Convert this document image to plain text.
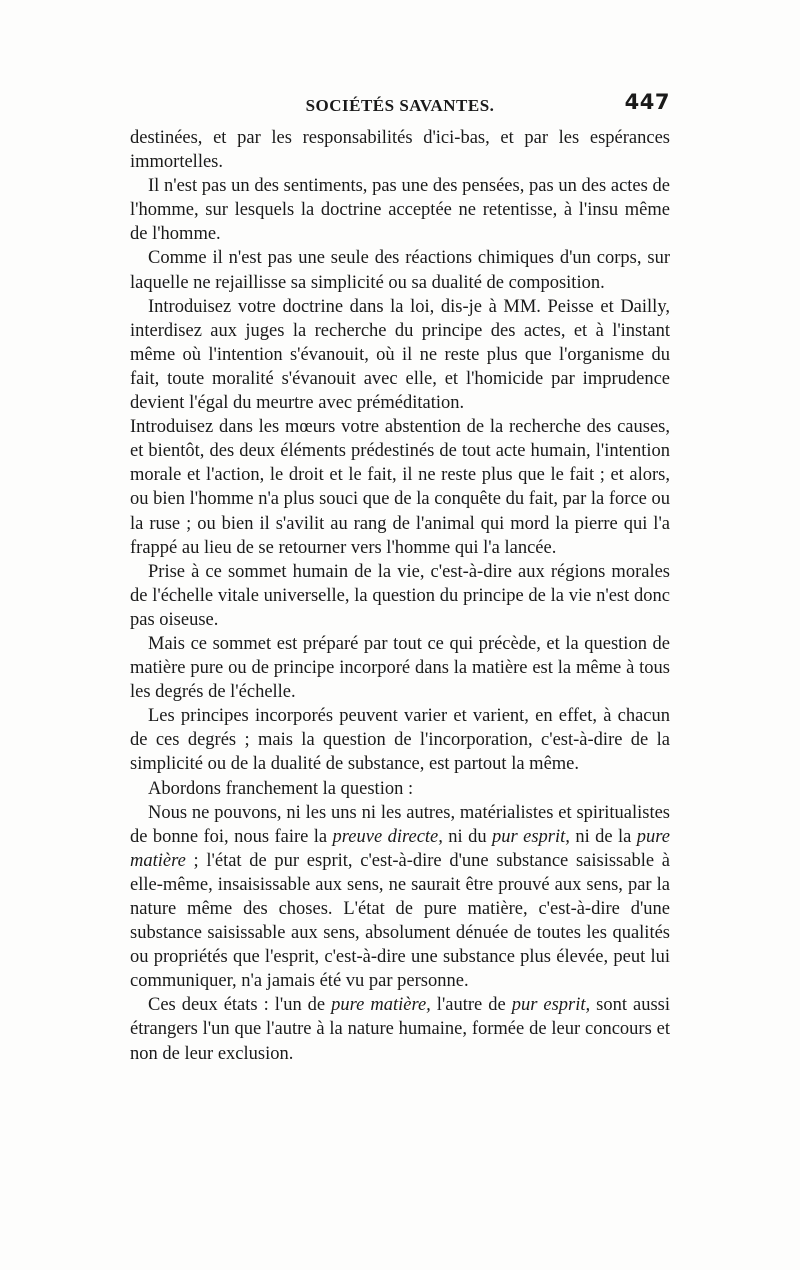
SOCIÉTÉS SAVANTES.	447

destinées, et par les responsabilités d'ici-bas, et par les espérances immortelles.

Il n'est pas un des sentiments, pas une des pensées, pas un des actes de l'homme, sur lesquels la doctrine acceptée ne retentisse, à l'insu même de l'homme.

Comme il n'est pas une seule des réactions chimiques d'un corps, sur laquelle ne rejaillisse sa simplicité ou sa dualité de composition.

Introduisez votre doctrine dans la loi, dis-je à MM. Peisse et Dailly, interdisez aux juges la recherche du principe des actes, et à l'instant même où l'intention s'évanouit, où il ne reste plus que l'organisme du fait, toute moralité s'évanouit avec elle, et l'homicide par imprudence devient l'égal du meurtre avec préméditation.

Introduisez dans les mœurs votre abstention de la recherche des causes, et bientôt, des deux éléments prédestinés de tout acte humain, l'intention morale et l'action, le droit et le fait, il ne reste plus que le fait ; et alors, ou bien l'homme n'a plus souci que de la conquête du fait, par la force ou la ruse ; ou bien il s'avilit au rang de l'animal qui mord la pierre qui l'a frappé au lieu de se retourner vers l'homme qui l'a lancée.

Prise à ce sommet humain de la vie, c'est-à-dire aux régions morales de l'échelle vitale universelle, la question du principe de la vie n'est donc pas oiseuse.

Mais ce sommet est préparé par tout ce qui précède, et la question de matière pure ou de principe incorporé dans la matière est la même à tous les degrés de l'échelle.

Les principes incorporés peuvent varier et varient, en effet, à chacun de ces degrés ; mais la question de l'incorporation, c'est-à-dire de la simplicité ou de la dualité de substance, est partout la même.

Abordons franchement la question :

Nous ne pouvons, ni les uns ni les autres, matérialistes et spiritualistes de bonne foi, nous faire la preuve directe, ni du pur esprit, ni de la pure matière ; l'état de pur esprit, c'est-à-dire d'une substance saisissable à elle-même, insaisissable aux sens, ne saurait être prouvé aux sens, par la nature même des choses. L'état de pure matière, c'est-à-dire d'une substance saisissable aux sens, absolument dénuée de toutes les qualités ou propriétés que l'esprit, c'est-à-dire une substance plus élevée, peut lui communiquer, n'a jamais été vu par personne.

Ces deux états : l'un de pure matière, l'autre de pur esprit, sont aussi étrangers l'un que l'autre à la nature humaine, formée de leur concours et non de leur exclusion.
